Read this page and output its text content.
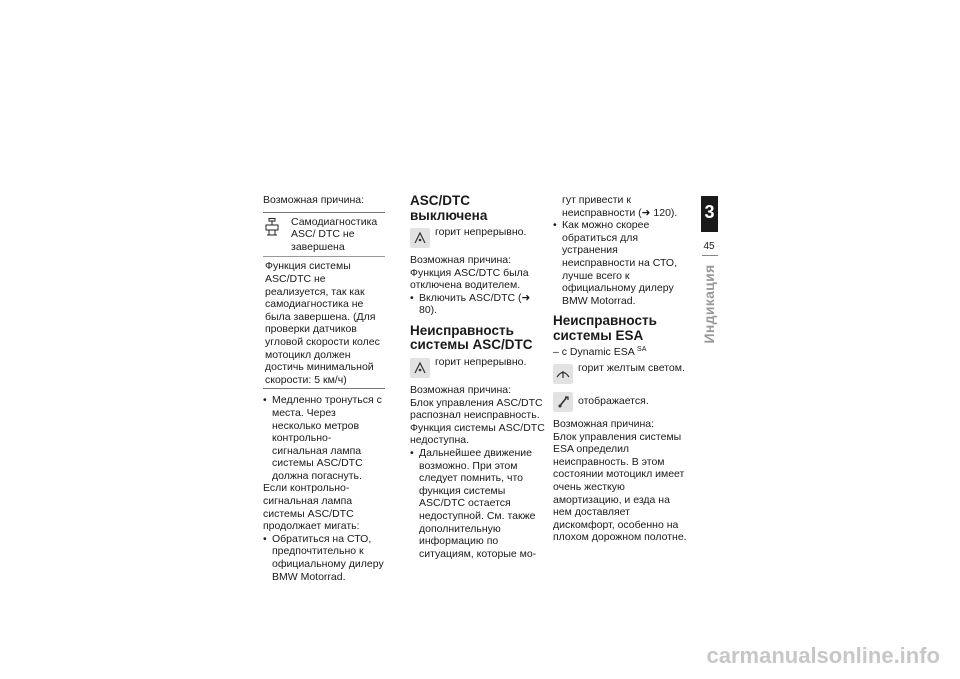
Возможная причина:

Самодиагностика ASC/ DTC не завершена
Функция системы ASC/DTC не реализуется, так как самодиагностика не была завершена. (Для проверки датчиков угловой скорости колес мотоцикл должен достичь минимальной скорости: 5 км/ч)

• Медленно тронуться с места. Через несколько метров контрольно-сигнальная лампа системы ASC/DTC должна погаснуть.

Если контрольно-сигнальная лампа системы ASC/DTC продолжает мигать:

• Обратиться на СТО, предпочтительно к официальному дилеру BMW Motorrad.

ASC/DTC выключена
горит непрерывно.

Возможная причина:

Функция ASC/DTC была отключена водителем.

• Включить ASC/DTC (➜ 80).

Неисправность системы ASC/DTC
горит непрерывно.

Возможная причина:

Блок управления ASC/DTC распознал неисправность. Функция системы ASC/DTC недоступна.

• Дальнейшее движение возможно. При этом следует помнить, что функция системы ASC/DTC остается недоступной. См. также дополнительную информацию по ситуациям, которые мо-

гут привести к неисправности (➜ 120).

• Как можно скорее обратиться для устранения неисправности на СТО, лучше всего к официальному дилеру BMW Motorrad.

Неисправность системы ESA

– с Dynamic ESA $^{SA}$

горит желтым светом.
отображается.

Возможная причина:

Блок управления системы ESA определил неисправность. В этом состоянии мотоцикл имеет очень жесткую амортизацию, и езда на нем доставляет дискомфорт, особенно на плохом дорожном полотне.

3
45
Индикация
carmanualsonline.info
